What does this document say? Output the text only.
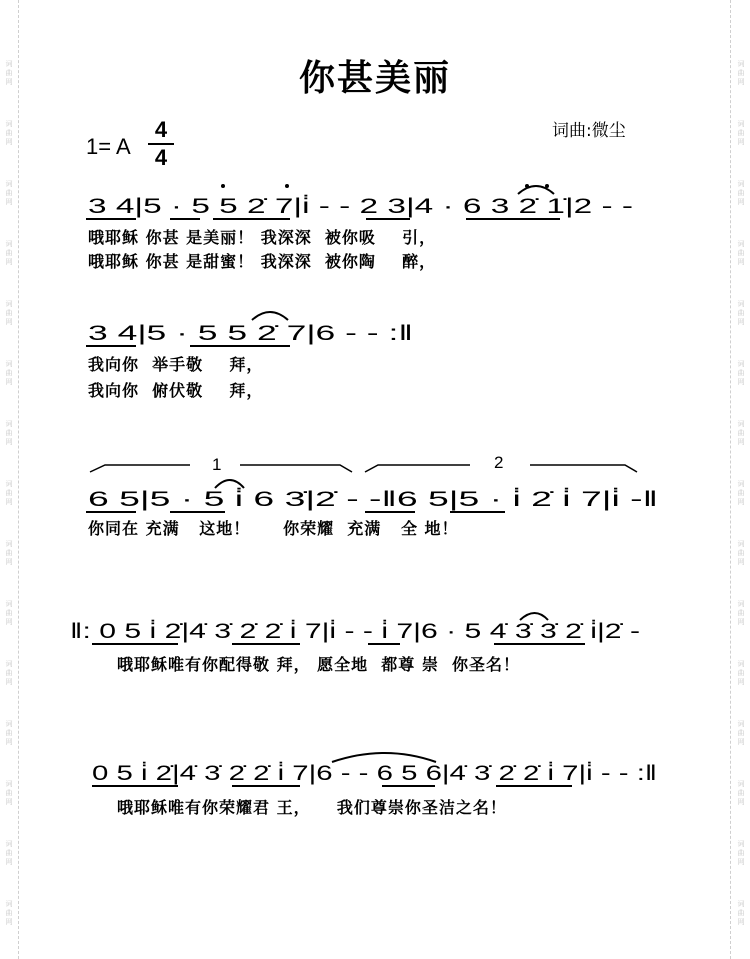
词
曲
网
词
曲
网
词
曲
网
词
曲
网
词
曲
网
词
曲
网
词
曲
网
词
曲
网
词
曲
网
词
曲
网
词
曲
网
词
曲
网
词
曲
网
词
曲
网
词
曲
网
词
曲
网
词
曲
网
词
曲
网
词
曲
网
词
曲
网
词
曲
网
词
曲
网
词
曲
网
词
曲
网
词
曲
网
词
曲
网
词
曲
网
词
曲
网
词
曲
网
词
曲
网
你甚美丽
词曲:微尘
1= A
4
4
3 4|5 · 5 5 2̇ 7|i̇ - - 2 3|4 · 6 3 2̇ 1̇|2 - -
3 4|5 · 5 5 2̇ 7|6 - - :‖
1	2
6 5|5 · 5 i̇ 6 3̇|2̇ - -‖6 5|5 · i̇ 2̇ i̇ 7|i̇ -‖
‖: 0 5 i̇ 2̇|4̇ 3̇ 2̇ 2̇ i̇ 7|i̇ - - i̇ 7|6 · 5 4̇ 3̇ 3̇ 2̇ i̇|2̇ -
0 5 i̇ 2̇|4̇ 3̇ 2̇ 2̇ i̇ 7|6 - - 6 5 6|4̇ 3̇ 2̇ 2̇ i̇ 7|i̇ - - :‖
哦耶稣 你甚 是美丽！ 我深深  被你吸    引，
哦耶稣 你甚 是甜蜜！ 我深深  被你陶    醉，
我向你  举手敬    拜，
我向你  俯伏敬    拜，
你同在 充满   这地！     你荣耀  充满   全 地！
哦耶稣唯有你配得敬 拜， 愿全地  都尊 崇  你圣名！
哦耶稣唯有你荣耀君 王，    我们尊崇你圣洁之名！
